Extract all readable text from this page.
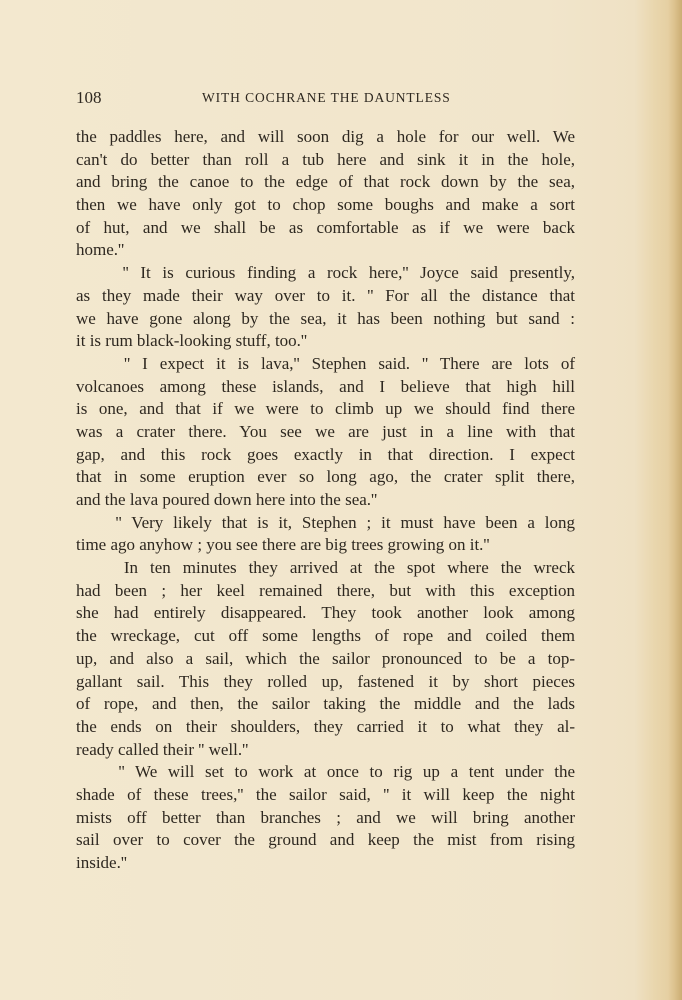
108	WITH COCHRANE THE DAUNTLESS
the paddles here, and will soon dig a hole for our well. We
can't do better than roll a tub here and sink it in the hole,
and bring the canoe to the edge of that rock down by the sea,
then we have only got to chop some boughs and make a sort
of hut, and we shall be as comfortable as if we were back
home.''
'' It is curious finding a rock here,'' Joyce said presently,
as they made their way over to it. '' For all the distance that
we have gone along by the sea, it has been nothing but sand :
it is rum black-looking stuff, too.''
'' I expect it is lava,'' Stephen said. '' There are lots of
volcanoes among these islands, and I believe that high hill
is one, and that if we were to climb up we should find there
was a crater there. You see we are just in a line with that
gap, and this rock goes exactly in that direction. I expect
that in some eruption ever so long ago, the crater split there,
and the lava poured down here into the sea.''
'' Very likely that is it, Stephen ; it must have been a long
time ago anyhow ; you see there are big trees growing on it.''
In ten minutes they arrived at the spot where the wreck
had been ; her keel remained there, but with this exception
she had entirely disappeared. They took another look among
the wreckage, cut off some lengths of rope and coiled them
up, and also a sail, which the sailor pronounced to be a top-
gallant sail. This they rolled up, fastened it by short pieces
of rope, and then, the sailor taking the middle and the lads
the ends on their shoulders, they carried it to what they al-
ready called their '' well.''
'' We will set to work at once to rig up a tent under the
shade of these trees,'' the sailor said, '' it will keep the night
mists off better than branches ; and we will bring another
sail over to cover the ground and keep the mist from rising
inside.''
